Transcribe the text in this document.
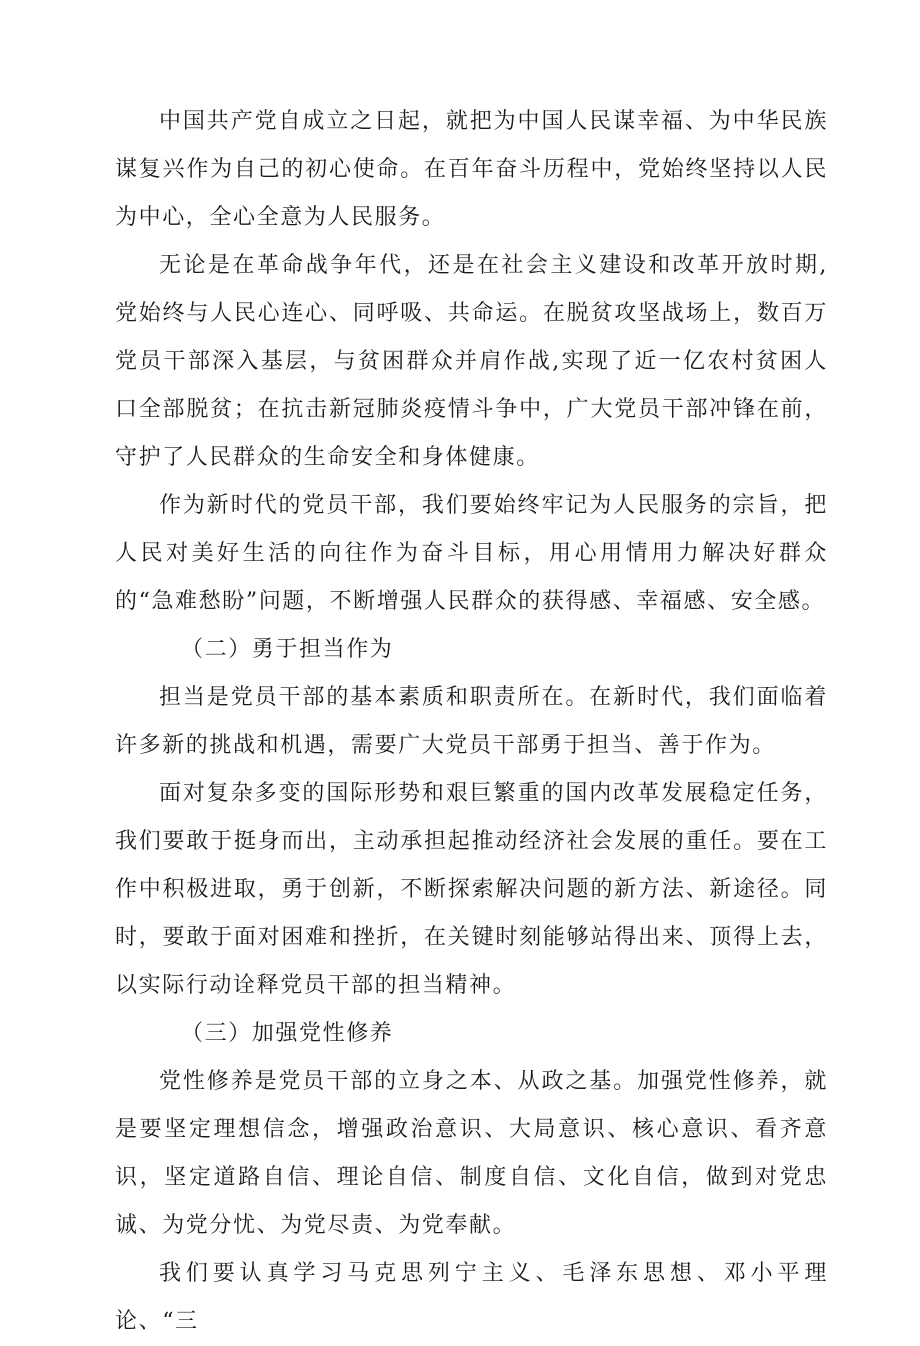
中国共产党自成立之日起，就把为中国人民谋幸福、为中华民族谋复兴作为自己的初心使命。在百年奋斗历程中，党始终坚持以人民为中心，全心全意为人民服务。

无论是在革命战争年代，还是在社会主义建设和改革开放时期,党始终与人民心连心、同呼吸、共命运。在脱贫攻坚战场上，数百万党员干部深入基层，与贫困群众并肩作战,实现了近一亿农村贫困人口全部脱贫；在抗击新冠肺炎疫情斗争中，广大党员干部冲锋在前，守护了人民群众的生命安全和身体健康。

作为新时代的党员干部，我们要始终牢记为人民服务的宗旨，把人民对美好生活的向往作为奋斗目标，用心用情用力解决好群众的“急难愁盼”问题，不断增强人民群众的获得感、幸福感、安全感。

（二）勇于担当作为

担当是党员干部的基本素质和职责所在。在新时代，我们面临着许多新的挑战和机遇，需要广大党员干部勇于担当、善于作为。

面对复杂多变的国际形势和艰巨繁重的国内改革发展稳定任务，我们要敢于挺身而出，主动承担起推动经济社会发展的重任。要在工作中积极进取，勇于创新，不断探索解决问题的新方法、新途径。同时，要敢于面对困难和挫折，在关键时刻能够站得出来、顶得上去，以实际行动诠释党员干部的担当精神。

（三）加强党性修养

党性修养是党员干部的立身之本、从政之基。加强党性修养，就是要坚定理想信念，增强政治意识、大局意识、核心意识、看齐意识，坚定道路自信、理论自信、制度自信、文化自信，做到对党忠诚、为党分忧、为党尽责、为党奉献。

我们要认真学习马克思列宁主义、毛泽东思想、邓小平理论、“三
